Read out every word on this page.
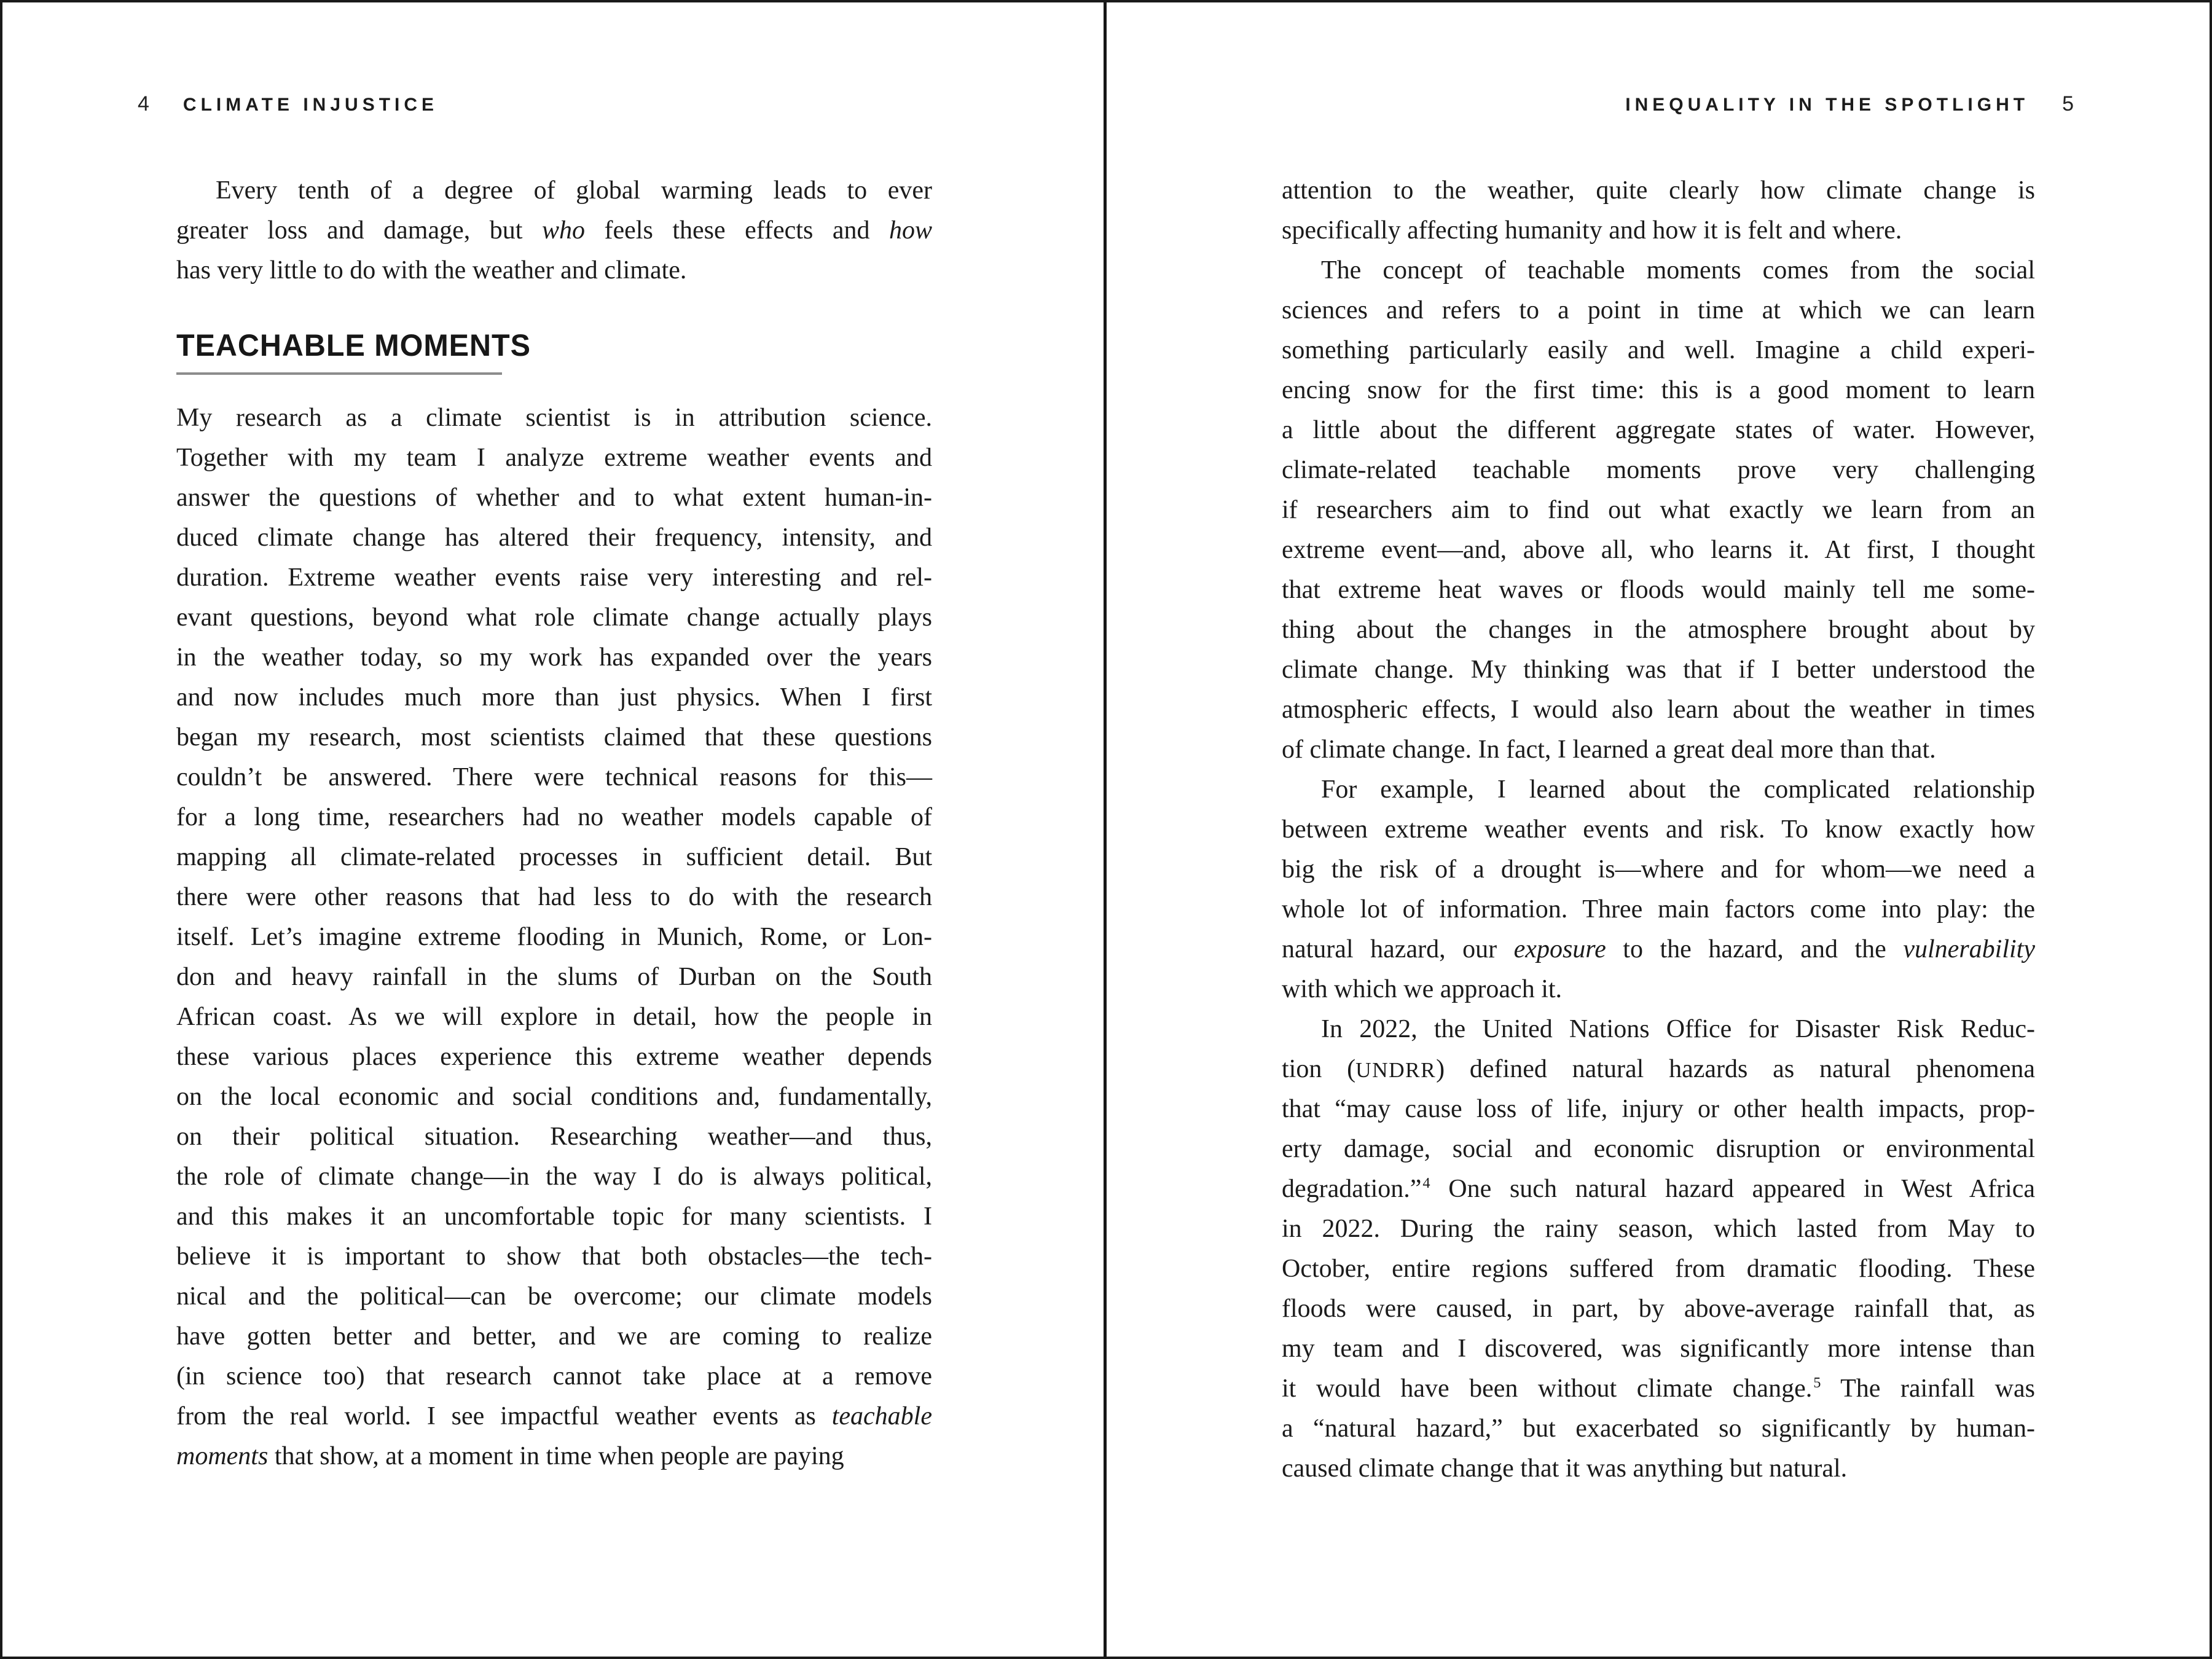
4 CLIMATE INJUSTICE	INEQUALITY IN THE SPOTLIGHT 5
Every tenth of a degree of global warming leads to ever
greater loss and damage, but who feels these effects and how
has very little to do with the weather and climate.
TEACHABLE MOMENTS
My research as a climate scientist is in attribution science.
Together with my team I analyze extreme weather events and
answer the questions of whether and to what extent human-in-
duced climate change has altered their frequency, intensity, and
duration. Extreme weather events raise very interesting and rel-
evant questions, beyond what role climate change actually plays
in the weather today, so my work has expanded over the years
and now includes much more than just physics. When I first
began my research, most scientists claimed that these questions
couldn’t be answered. There were technical reasons for this—
for a long time, researchers had no weather models capable of
mapping all climate-related processes in sufficient detail. But
there were other reasons that had less to do with the research
itself. Let’s imagine extreme flooding in Munich, Rome, or Lon-
don and heavy rainfall in the slums of Durban on the South
African coast. As we will explore in detail, how the people in
these various places experience this extreme weather depends
on the local economic and social conditions and, fundamentally,
on their political situation. Researching weather—and thus,
the role of climate change—in the way I do is always political,
and this makes it an uncomfortable topic for many scientists. I
believe it is important to show that both obstacles—the tech-
nical and the political—can be overcome; our climate models
have gotten better and better, and we are coming to realize
(in science too) that research cannot take place at a remove
from the real world. I see impactful weather events as teachable
moments that show, at a moment in time when people are paying
attention to the weather, quite clearly how climate change is
specifically affecting humanity and how it is felt and where.
The concept of teachable moments comes from the social
sciences and refers to a point in time at which we can learn
something particularly easily and well. Imagine a child experi-
encing snow for the first time: this is a good moment to learn
a little about the different aggregate states of water. However,
climate-related teachable moments prove very challenging
if researchers aim to find out what exactly we learn from an
extreme event—and, above all, who learns it. At first, I thought
that extreme heat waves or floods would mainly tell me some-
thing about the changes in the atmosphere brought about by
climate change. My thinking was that if I better understood the
atmospheric effects, I would also learn about the weather in times
of climate change. In fact, I learned a great deal more than that.
For example, I learned about the complicated relationship
between extreme weather events and risk. To know exactly how
big the risk of a drought is—where and for whom—we need a
whole lot of information. Three main factors come into play: the
natural hazard, our exposure to the hazard, and the vulnerability
with which we approach it.
In 2022, the United Nations Office for Disaster Risk Reduc-
tion (UNDRR) defined natural hazards as natural phenomena
that “may cause loss of life, injury or other health impacts, prop-
erty damage, social and economic disruption or environmental
degradation.”$^4$ One such natural hazard appeared in West Africa
in 2022. During the rainy season, which lasted from May to
October, entire regions suffered from dramatic flooding. These
floods were caused, in part, by above-average rainfall that, as
my team and I discovered, was significantly more intense than
it would have been without climate change.$^5$ The rainfall was
a “natural hazard,” but exacerbated so significantly by human-
caused climate change that it was anything but natural.
